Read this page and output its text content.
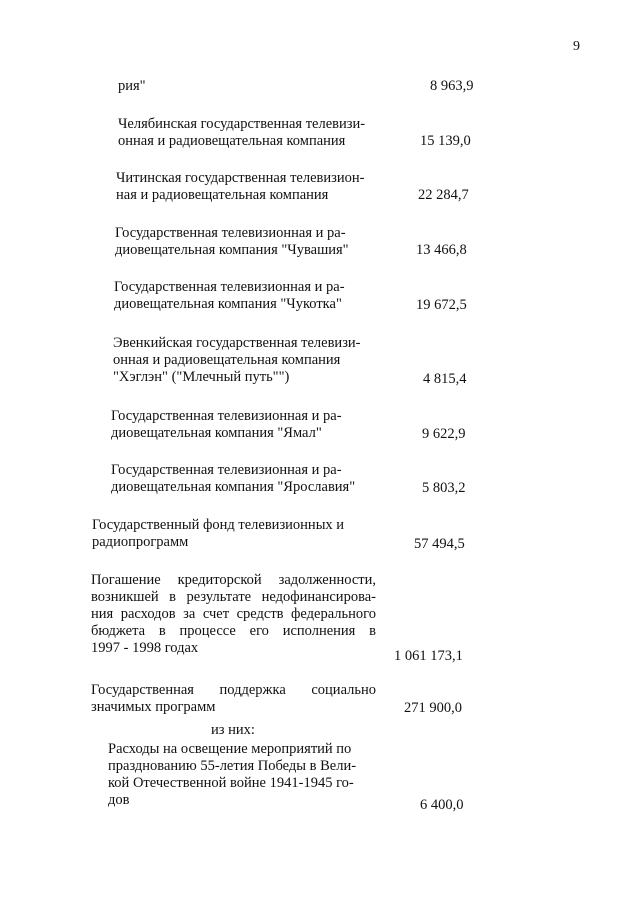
9
рия"	8 963,9
Челябинская государственная телевизи-
онная и радиовещательная компания	15 139,0
Читинская государственная телевизион-
ная и радиовещательная компания	22 284,7
Государственная телевизионная и ра-
диовещательная компания "Чувашия"	13 466,8
Государственная телевизионная и ра-
диовещательная компания "Чукотка"	19 672,5
Эвенкийская государственная телевизи-
онная и радиовещательная компания
"Хэглэн" ("Млечный путь"")	4 815,4
Государственная телевизионная и ра-
диовещательная компания "Ямал"	9 622,9
Государственная телевизионная и ра-
диовещательная компания "Ярославия"	5 803,2
Государственный фонд телевизионных и
радиопрограмм	57 494,5
Погашение кредиторской задолженности,
возникшей в результате недофинансирова-
ния расходов за счет средств федерального
бюджета в процессе его исполнения в
1997 - 1998 годах	1 061 173,1
Государственная поддержка социально
значимых программ	271 900,0
из них:
Расходы на освещение мероприятий по
празднованию 55-летия Победы в Вели-
кой Отечественной войне 1941-1945 го-
дов	6 400,0
